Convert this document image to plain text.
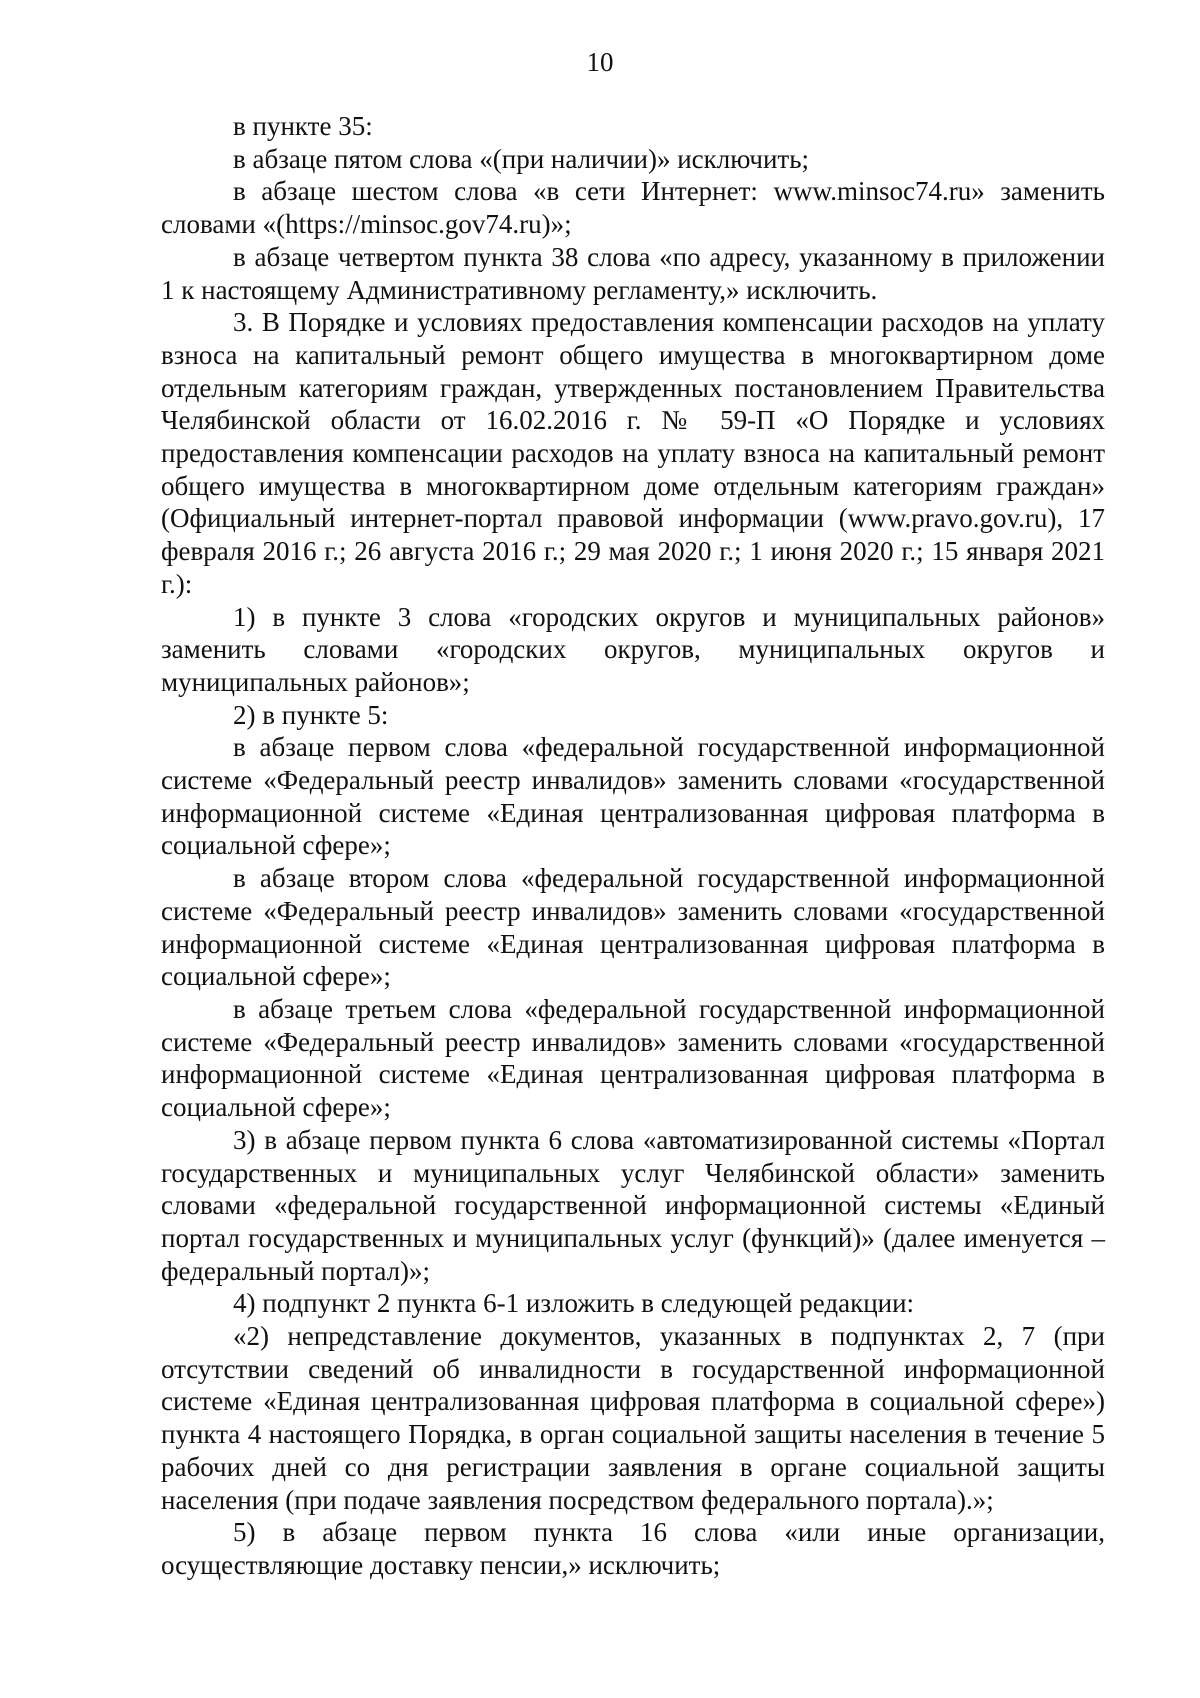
10

в пункте 35:

в абзаце пятом слова «(при наличии)» исключить;

в абзаце шестом слова «в сети Интернет: www.minsoc74.ru» заменить словами «(https://minsoc.gov74.ru)»;

в абзаце четвертом пункта 38 слова «по адресу, указанному в приложении 1 к настоящему Административному регламенту,» исключить.

3. В Порядке и условиях предоставления компенсации расходов на уплату взноса на капитальный ремонт общего имущества в многоквартирном доме отдельным категориям граждан, утвержденных постановлением Правительства Челябинской области от 16.02.2016 г. № 59-П «О Порядке и условиях предоставления компенсации расходов на уплату взноса на капитальный ремонт общего имущества в многоквартирном доме отдельным категориям граждан» (Официальный интернет-портал правовой информации (www.pravo.gov.ru), 17 февраля 2016 г.; 26 августа 2016 г.; 29 мая 2020 г.; 1 июня 2020 г.; 15 января 2021 г.):

1) в пункте 3 слова «городских округов и муниципальных районов» заменить словами «городских округов, муниципальных округов и муниципальных районов»;

2) в пункте 5:

в абзаце первом слова «федеральной государственной информационной системе «Федеральный реестр инвалидов» заменить словами «государственной информационной системе «Единая централизованная цифровая платформа в социальной сфере»;

в абзаце втором слова «федеральной государственной информационной системе «Федеральный реестр инвалидов» заменить словами «государственной информационной системе «Единая централизованная цифровая платформа в социальной сфере»;

в абзаце третьем слова «федеральной государственной информационной системе «Федеральный реестр инвалидов» заменить словами «государственной информационной системе «Единая централизованная цифровая платформа в социальной сфере»;

3) в абзаце первом пункта 6 слова «автоматизированной системы «Портал государственных и муниципальных услуг Челябинской области» заменить словами «федеральной государственной информационной системы «Единый портал государственных и муниципальных услуг (функций)» (далее именуется – федеральный портал)»;

4) подпункт 2 пункта 6-1 изложить в следующей редакции:

«2) непредставление документов, указанных в подпунктах 2, 7 (при отсутствии сведений об инвалидности в государственной информационной системе «Единая централизованная цифровая платформа в социальной сфере») пункта 4 настоящего Порядка, в орган социальной защиты населения в течение 5 рабочих дней со дня регистрации заявления в органе социальной защиты населения (при подаче заявления посредством федерального портала).»;

5) в абзаце первом пункта 16 слова «или иные организации, осуществляющие доставку пенсии,» исключить;
